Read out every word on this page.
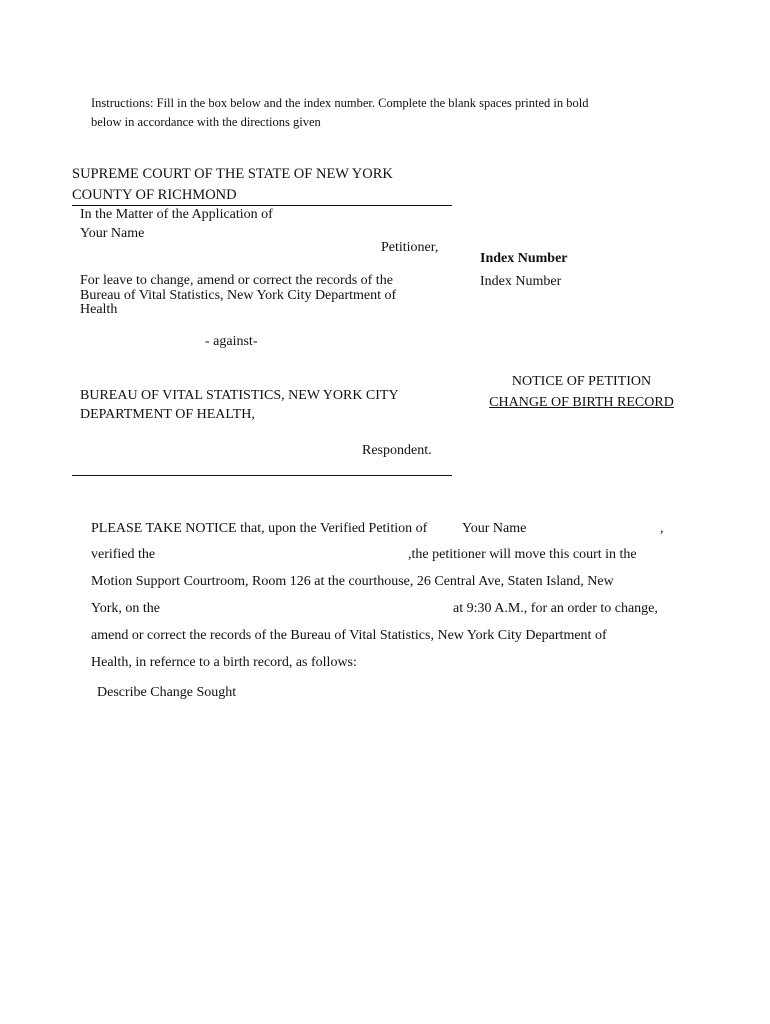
Instructions: Fill in the box below and the index number. Complete the blank spaces printed in bold
below in accordance with the directions given
SUPREME COURT OF THE STATE OF NEW YORK
COUNTY OF RICHMOND
In the Matter of the Application of
Your Name
Petitioner,
For leave to change, amend or correct the records of the
Bureau of Vital Statistics, New York City Department of
Health
- against-
BUREAU OF VITAL STATISTICS, NEW YORK CITY
DEPARTMENT OF HEALTH,
Respondent.
Index Number
Index Number
NOTICE OF PETITION
CHANGE OF BIRTH RECORD
PLEASE TAKE NOTICE that, upon the Verified Petition of Your Name	,
verified the	,the petitioner will move this court in the
Motion Support Courtroom, Room 126 at the courthouse, 26 Central Ave, Staten Island, New
York, on the	at 9:30 A.M., for an order to change,
amend or correct the records of the Bureau of Vital Statistics, New York City Department of
Health, in refernce to a birth record, as follows:
Describe Change Sought
